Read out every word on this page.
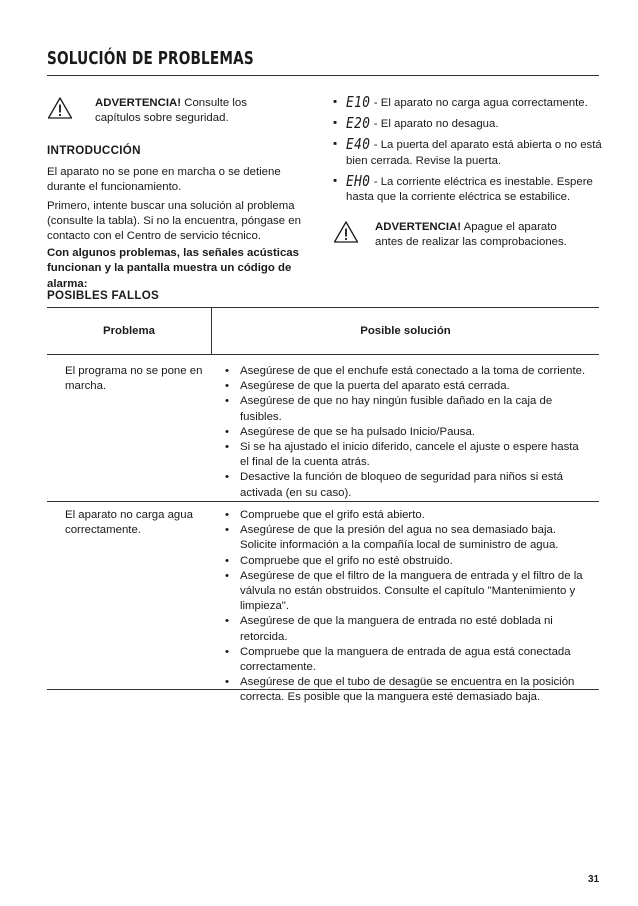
SOLUCIÓN DE PROBLEMAS
ADVERTENCIA! Consulte los capítulos sobre seguridad.
INTRODUCCIÓN

El aparato no se pone en marcha o se detiene durante el funcionamiento.

Primero, intente buscar una solución al problema (consulte la tabla). Si no la encuentra, póngase en contacto con el Centro de servicio técnico.

Con algunos problemas, las señales acústicas funcionan y la pantalla muestra un código de alarma:

▪ E10 - El aparato no carga agua correctamente.
▪ E20 - El aparato no desagua.
▪ E40 - La puerta del aparato está abierta o no está bien cerrada. Revise la puerta.
▪ EH0 - La corriente eléctrica es inestable. Espere hasta que la corriente eléctrica se estabilice.
ADVERTENCIA! Apague el aparato antes de realizar las comprobaciones.
POSIBLES FALLOS
Problema	Posible solución
El programa no se pone en marcha.
• Asegúrese de que el enchufe está conectado a la toma de corriente.
• Asegúrese de que la puerta del aparato está cerrada.
• Asegúrese de que no hay ningún fusible dañado en la caja de fusibles.
• Asegúrese de que se ha pulsado Inicio/Pausa.
• Si se ha ajustado el inicio diferido, cancele el ajuste o espere hasta el final de la cuenta atrás.
• Desactive la función de bloqueo de seguridad para niños si está activada (en su caso).
El aparato no carga agua correctamente.
• Compruebe que el grifo está abierto.
• Asegúrese de que la presión del agua no sea demasiado baja. Solicite información a la compañía local de suministro de agua.
• Compruebe que el grifo no esté obstruido.
• Asegúrese de que el filtro de la manguera de entrada y el filtro de la válvula no están obstruidos. Consulte el capítulo "Mantenimiento y limpieza".
• Asegúrese de que la manguera de entrada no esté doblada ni retorcida.
• Compruebe que la manguera de entrada de agua está conectada correctamente.
• Asegúrese de que el tubo de desagüe se encuentra en la posición correcta. Es posible que la manguera esté demasiado baja.
31
